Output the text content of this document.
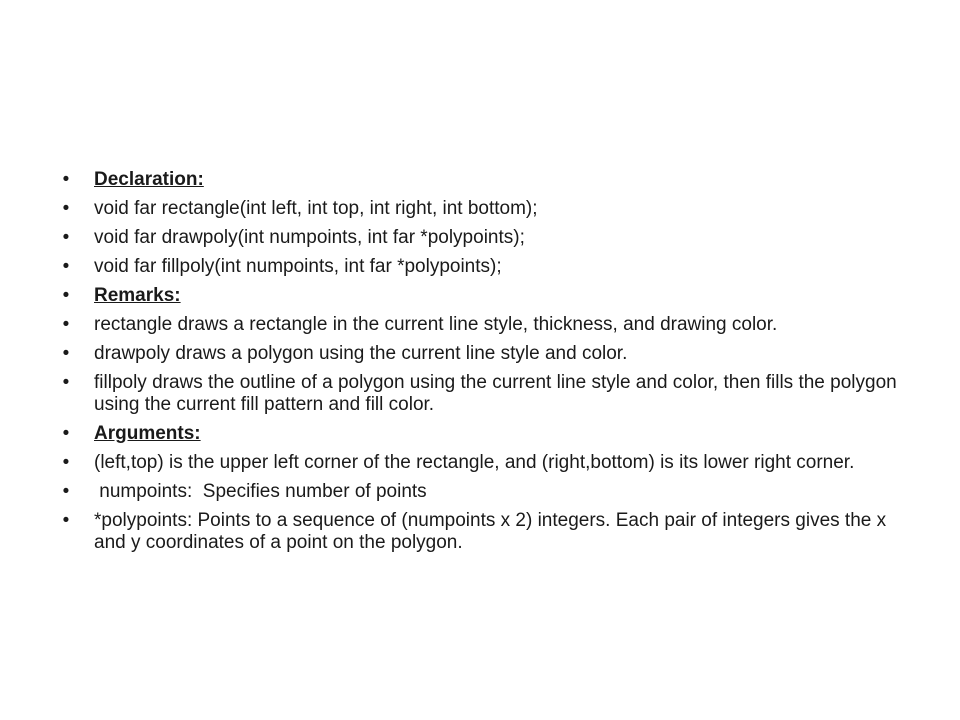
• Declaration:
• void far rectangle(int left, int top, int right, int bottom);
• void far drawpoly(int numpoints, int far *polypoints);
• void far fillpoly(int numpoints, int far *polypoints);
• Remarks:
• rectangle draws a rectangle in the current line style, thickness, and drawing color.
• drawpoly draws a polygon using the current line style and color.
• fillpoly draws the outline of a polygon using the current line style and color, then fills the polygon using the current fill pattern and fill color.
• Arguments:
• (left,top) is the upper left corner of the rectangle, and (right,bottom) is its lower right corner.
• numpoints:  Specifies number of points
• *polypoints: Points to a sequence of (numpoints x 2) integers. Each pair of integers gives the x and y coordinates of a point on the polygon.
